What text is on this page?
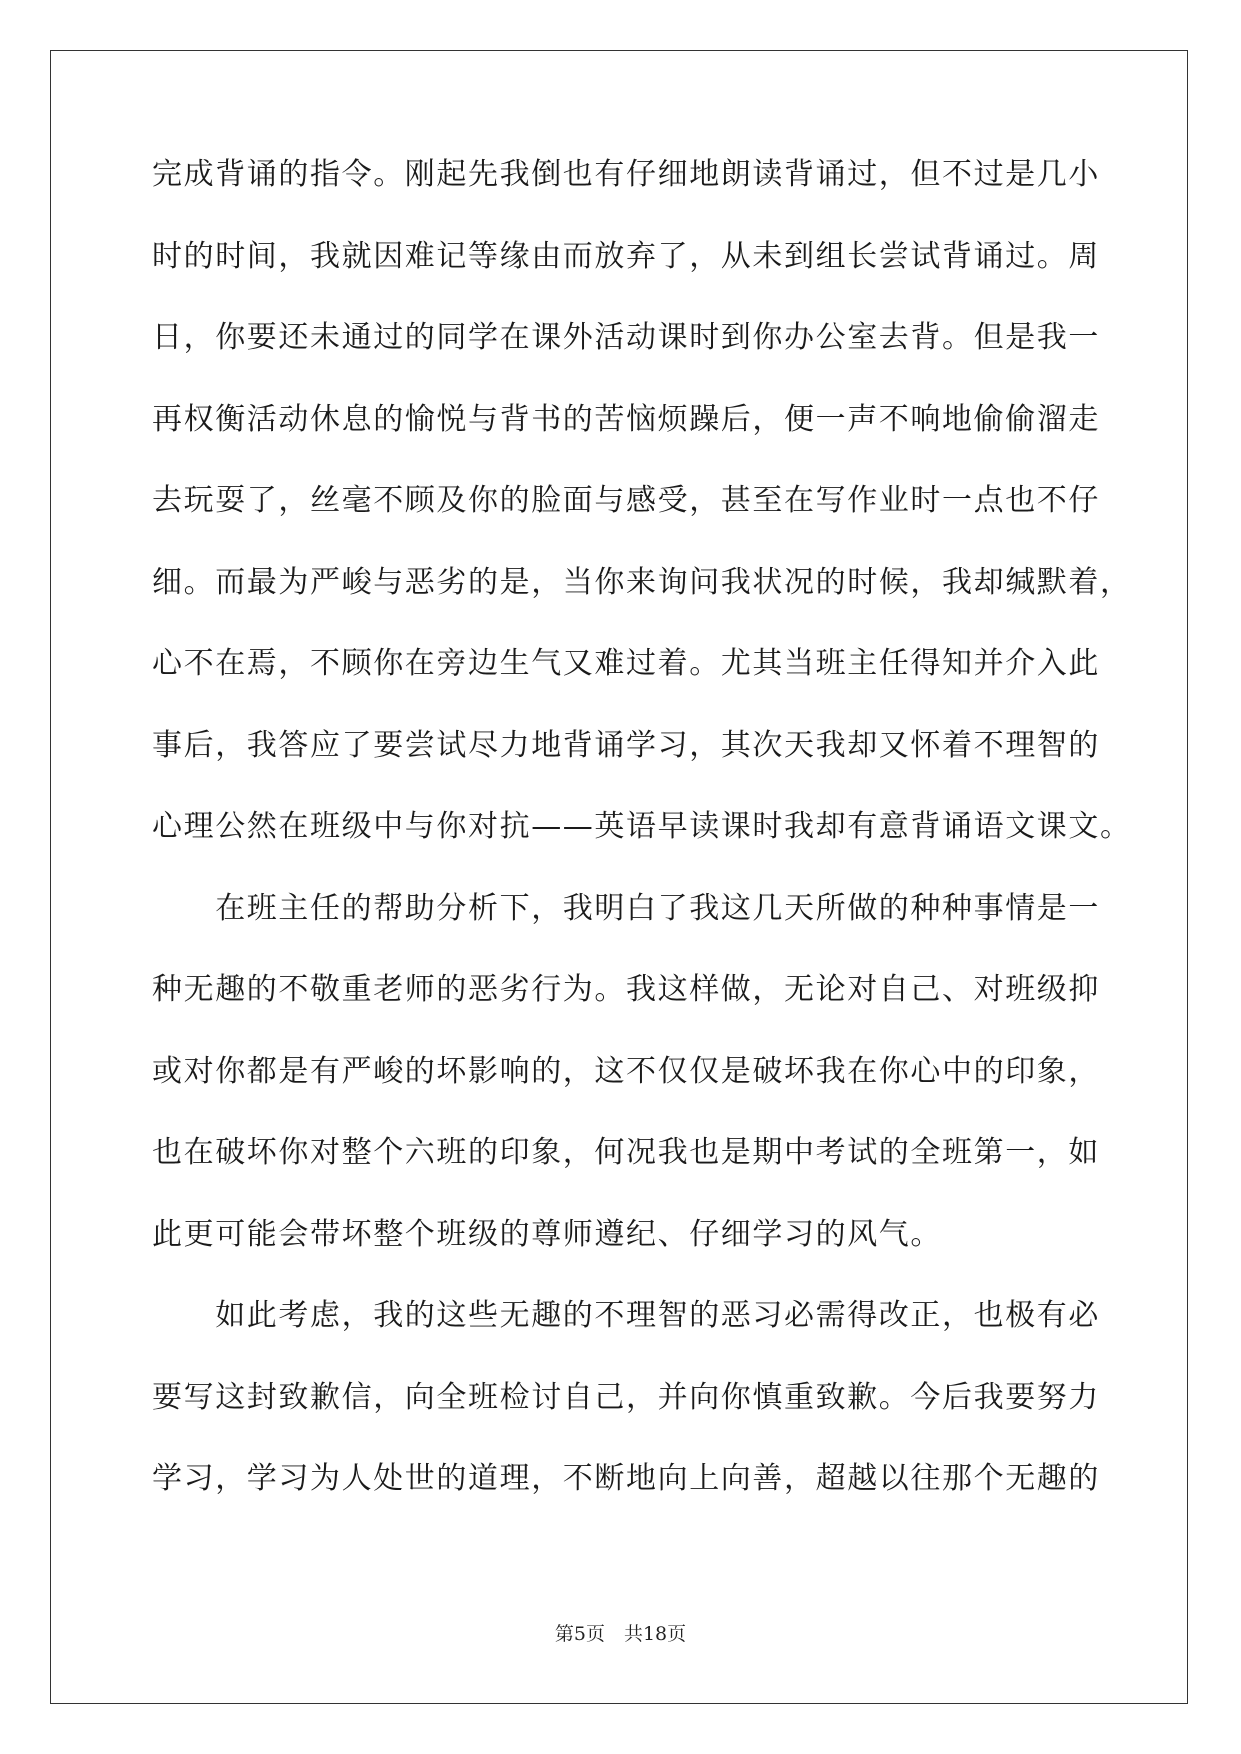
完成背诵的指令。刚起先我倒也有仔细地朗读背诵过，但不过是几小
时的时间，我就因难记等缘由而放弃了，从未到组长尝试背诵过。周
日，你要还未通过的同学在课外活动课时到你办公室去背。但是我一
再权衡活动休息的愉悦与背书的苦恼烦躁后，便一声不响地偷偷溜走
去玩耍了，丝毫不顾及你的脸面与感受，甚至在写作业时一点也不仔
细。而最为严峻与恶劣的是，当你来询问我状况的时候，我却缄默着，
心不在焉，不顾你在旁边生气又难过着。尤其当班主任得知并介入此
事后，我答应了要尝试尽力地背诵学习，其次天我却又怀着不理智的
心理公然在班级中与你对抗——英语早读课时我却有意背诵语文课文。
　　在班主任的帮助分析下，我明白了我这几天所做的种种事情是一
种无趣的不敬重老师的恶劣行为。我这样做，无论对自己、对班级抑
或对你都是有严峻的坏影响的，这不仅仅是破坏我在你心中的印象，
也在破坏你对整个六班的印象，何况我也是期中考试的全班第一，如
此更可能会带坏整个班级的尊师遵纪、仔细学习的风气。
　　如此考虑，我的这些无趣的不理智的恶习必需得改正，也极有必
要写这封致歉信，向全班检讨自己，并向你慎重致歉。今后我要努力
学习，学习为人处世的道理，不断地向上向善，超越以往那个无趣的
第5页　共18页
